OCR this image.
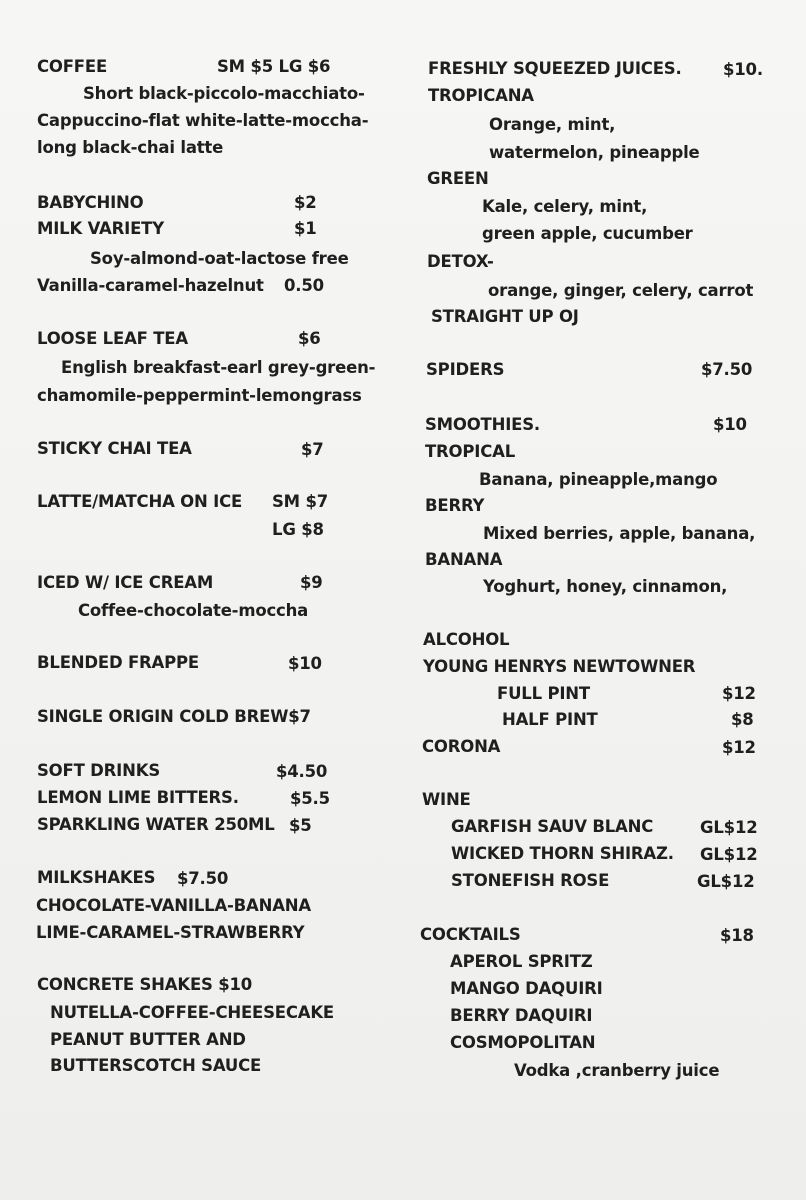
COFFEE	SM $5 LG $6
Short black-piccolo-macchiato-
Cappuccino-flat white-latte-moccha-
long black-chai latte
BABYCHINO	$2
MILK VARIETY	$1
Soy-almond-oat-lactose free
Vanilla-caramel-hazelnut 0.50
LOOSE LEAF TEA	$6
English breakfast-earl grey-green-
chamomile-peppermint-lemongrass
STICKY CHAI TEA	$7
LATTE/MATCHA ON ICE SM $7
LG $8
ICED W/ ICE CREAM	$9
Coffee-chocolate-moccha
BLENDED FRAPPE	$10
SINGLE ORIGIN COLD BREW$7
SOFT DRINKS	$4.50
LEMON LIME BITTERS.	$5.5
SPARKLING WATER 250ML $5
MILKSHAKES $7.50
CHOCOLATE-VANILLA-BANANA
LIME-CARAMEL-STRAWBERRY
CONCRETE SHAKES $10
NUTELLA-COFFEE-CHEESECAKE
PEANUT BUTTER AND
BUTTERSCOTCH SAUCE
FRESHLY SQUEEZED JUICES.	$10.
TROPICANA
Orange, mint,
watermelon, pineapple
GREEN
Kale, celery, mint,
green apple, cucumber
DETOX-
orange, ginger, celery, carrot
STRAIGHT UP OJ
SPIDERS	$7.50
SMOOTHIES.	$10
TROPICAL
Banana, pineapple,mango
BERRY
Mixed berries, apple, banana,
BANANA
Yoghurt, honey, cinnamon,
ALCOHOL
YOUNG HENRYS NEWTOWNER
FULL PINT	$12
HALF PINT	$8
CORONA	$12
WINE
GARFISH SAUV BLANC	GL$12
WICKED THORN SHIRAZ. GL$12
STONEFISH ROSE	GL$12
COCKTAILS	$18
APEROL SPRITZ
MANGO DAQUIRI
BERRY DAQUIRI
COSMOPOLITAN
Vodka ,cranberry juice
